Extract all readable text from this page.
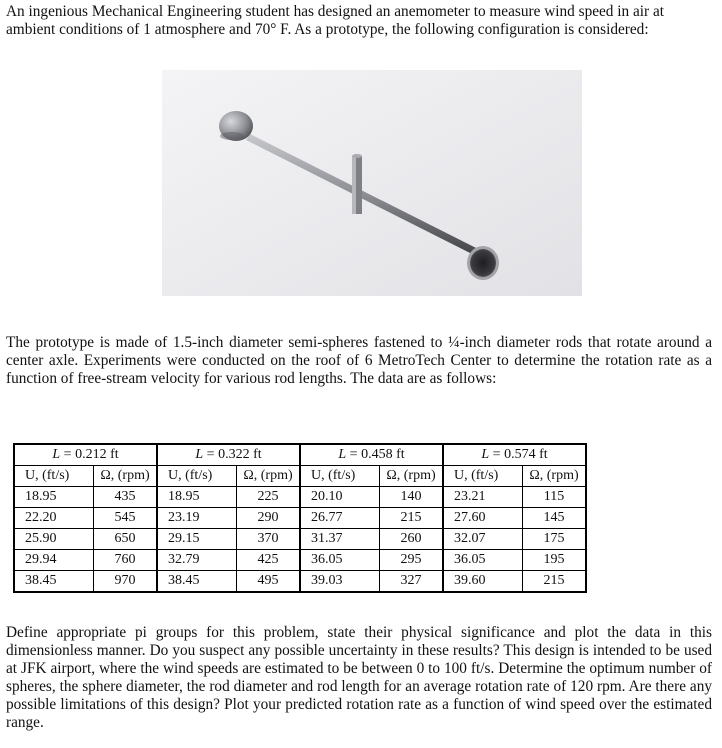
An ingenious Mechanical Engineering student has designed an anemometer to measure wind speed in air at ambient conditions of 1 atmosphere and 70° F. As a prototype, the following configuration is considered:

The prototype is made of 1.5-inch diameter semi-spheres fastened to ¼-inch diameter rods that rotate around a center axle. Experiments were conducted on the roof of 6 MetroTech Center to determine the rotation rate as a function of free-stream velocity for various rod lengths. The data are as follows:

L = 0.212 ft		L = 0.322 ft		L = 0.458 ft		L = 0.574 ft	
U, (ft/s)	Ω, (rpm)	U, (ft/s)	Ω, (rpm)	U, (ft/s)	Ω, (rpm)	U, (ft/s)	Ω, (rpm)
18.95	435	18.95	225	20.10	140	23.21	115
22.20	545	23.19	290	26.77	215	27.60	145
25.90	650	29.15	370	31.37	260	32.07	175
29.94	760	32.79	425	36.05	295	36.05	195
38.45	970	38.45	495	39.03	327	39.60	215

Define appropriate pi groups for this problem, state their physical significance and plot the data in this dimensionless manner. Do you suspect any possible uncertainty in these results? This design is intended to be used at JFK airport, where the wind speeds are estimated to be between 0 to 100 ft/s. Determine the optimum number of spheres, the sphere diameter, the rod diameter and rod length for an average rotation rate of 120 rpm. Are there any possible limitations of this design? Plot your predicted rotation rate as a function of wind speed over the estimated range.
